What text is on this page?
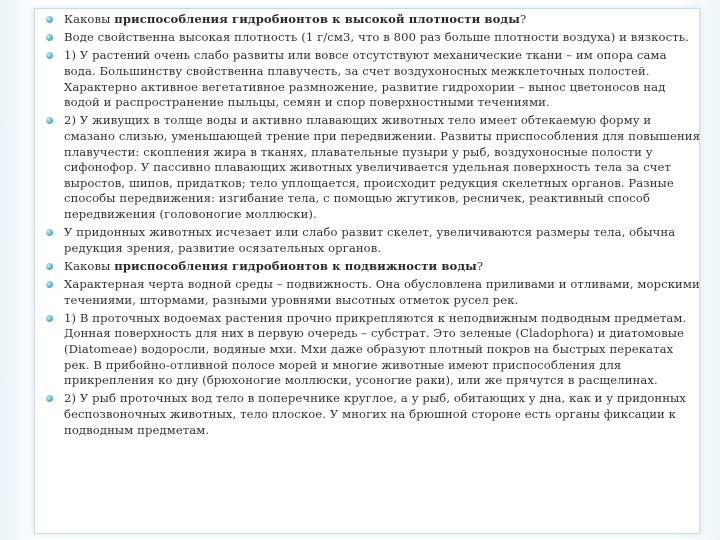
Каковы приспособления гидробионтов к высокой плотности воды?
Воде свойственна высокая плотность (1 г/см3, что в 800 раз больше плотности воздуха) и вязкость.
1) У растений очень слабо развиты или вовсе отсутствуют механические ткани – им опора сама вода. Большинству свойственна плавучесть, за счет воздухоносных межклеточных полостей. Характерно активное вегетативное размножение, развитие гидрохории – вынос цветоносов над водой и распространение пыльцы, семян и спор поверхностными течениями.
2) У живущих в толще воды и активно плавающих животных тело имеет обтекаемую форму и смазано слизью, уменьшающей трение при передвижении. Развиты приспособления для повышения плавучести: скопления жира в тканях, плавательные пузыри у рыб, воздухоносные полости у сифонофор. У пассивно плавающих животных увеличивается удельная поверхность тела за счет выростов, шипов, придатков; тело уплощается, происходит редукция скелетных органов. Разные способы передвижения: изгибание тела, с помощью жгутиков, ресничек, реактивный способ передвижения (головоногие моллюски).
У придонных животных исчезает или слабо развит скелет, увеличиваются размеры тела, обычна редукция зрения, развитие осязательных органов.
Каковы приспособления гидробионтов к подвижности воды?
Характерная черта водной среды – подвижность. Она обусловлена приливами и отливами, морскими течениями, штормами, разными уровнями высотных отметок русел рек.
1) В проточных водоемах растения прочно прикрепляются к неподвижным подводным предметам. Донная поверхность для них в первую очередь – субстрат. Это зеленые (Cladophora) и диатомовые (Diatomeae) водоросли, водяные мхи. Мхи даже образуют плотный покров на быстрых перекатах рек. В прибойно-отливной полосе морей и многие животные имеют приспособления для прикрепления ко дну (брюхоногие моллюски, усоногие раки), или же прячутся в расщелинах.
2) У рыб проточных вод тело в поперечнике круглое, а у рыб, обитающих у дна, как и у придонных беспозвоночных животных, тело плоское. У многих на брюшной стороне есть органы фиксации к подводным предметам.
